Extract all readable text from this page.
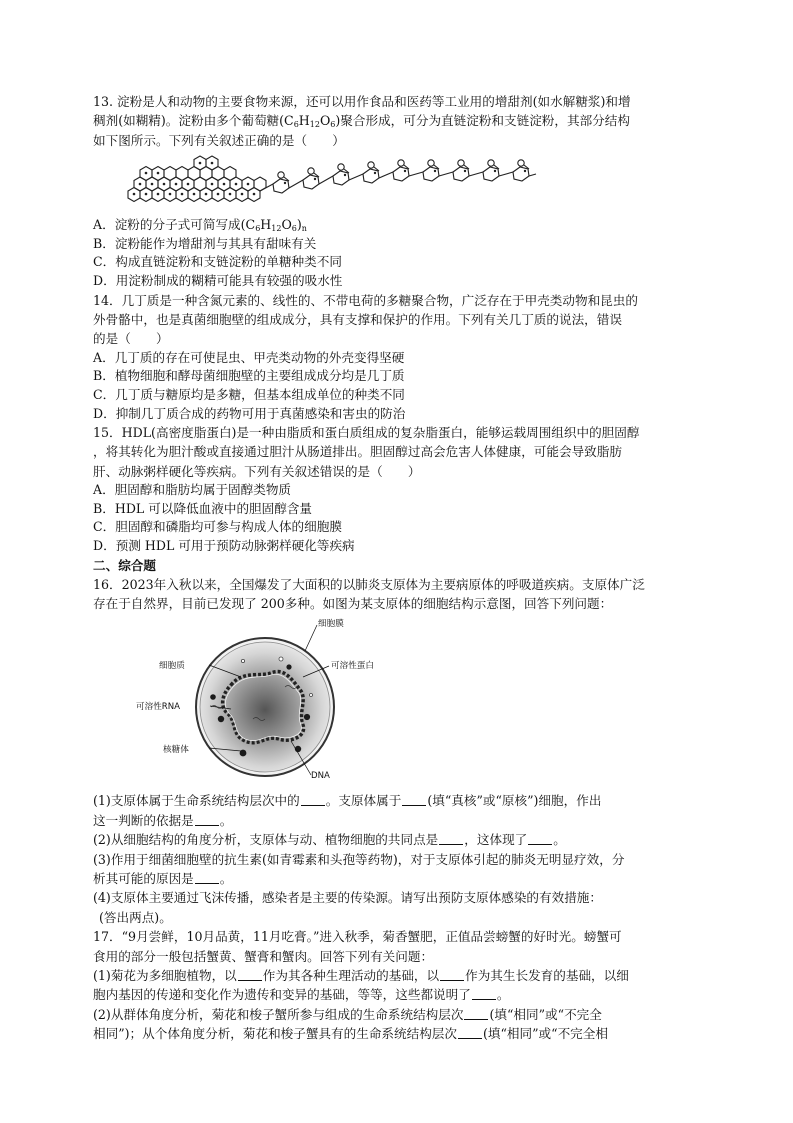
13. 淀粉是人和动物的主要食物来源，还可以用作食品和医药等工业用的增甜剂(如水解糖浆)和增
稠剂(如糊精)。淀粉由多个葡萄糖$(C_6H_{12}O_6)$聚合形成，可分为直链淀粉和支链淀粉，其部分结构
如下图所示。下列有关叙述正确的是（　　）
A．淀粉的分子式可简写成$(C_6H_{12}O_6)_n$
B．淀粉能作为增甜剂与其具有甜味有关
C．构成直链淀粉和支链淀粉的单糖种类不同
D．用淀粉制成的糊精可能具有较强的吸水性
14．几丁质是一种含氮元素的、线性的、不带电荷的多糖聚合物，广泛存在于甲壳类动物和昆虫的
外骨骼中，也是真菌细胞壁的组成成分，具有支撑和保护的作用。下列有关几丁质的说法，错误
的是（　　）
A．几丁质的存在可使昆虫、甲壳类动物的外壳变得坚硬
B．植物细胞和酵母菌细胞壁的主要组成成分均是几丁质
C．几丁质与糖原均是多糖，但基本组成单位的种类不同
D．抑制几丁质合成的药物可用于真菌感染和害虫的防治
15．HDL(高密度脂蛋白)是一种由脂质和蛋白质组成的复杂脂蛋白，能够运载周围组织中的胆固醇
，将其转化为胆汁酸或直接通过胆汁从肠道排出。胆固醇过高会危害人体健康，可能会导致脂肪
肝、动脉粥样硬化等疾病。下列有关叙述错误的是（　　）
A．胆固醇和脂肪均属于固醇类物质
B．HDL 可以降低血液中的胆固醇含量
C．胆固醇和磷脂均可参与构成人体的细胞膜
D．预测 HDL 可用于预防动脉粥样硬化等疾病
二、综合题
16．2023年入秋以来，全国爆发了大面积的以肺炎支原体为主要病原体的呼吸道疾病。支原体广泛
存在于自然界，目前已发现了 200多种。如图为某支原体的细胞结构示意图，回答下列问题：
细胞膜
细胞质	可溶性蛋白
可溶性RNA
核糖体
DNA
(1)支原体属于生命系统结构层次中的 。支原体属于 (填“真核”或“原核”)细胞，作出
这一判断的依据是 。
(2)从细胞结构的角度分析，支原体与动、植物细胞的共同点是 ，这体现了 。
(3)作用于细菌细胞壁的抗生素(如青霉素和头孢等药物)，对于支原体引起的肺炎无明显疗效，分
析其可能的原因是 。
(4)支原体主要通过飞沫传播，感染者是主要的传染源。请写出预防支原体感染的有效措施：
(答出两点)。
17．“9月尝鲜，10月品黄，11月吃膏。”进入秋季，菊香蟹肥，正值品尝螃蟹的好时光。螃蟹可
食用的部分一般包括蟹黄、蟹膏和蟹肉。回答下列有关问题：
(1)菊花为多细胞植物，以 作为其各种生理活动的基础，以 作为其生长发育的基础，以细
胞内基因的传递和变化作为遗传和变异的基础，等等，这些都说明了 。
(2)从群体角度分析，菊花和梭子蟹所参与组成的生命系统结构层次 (填“相同”或“不完全
相同”)；从个体角度分析，菊花和梭子蟹具有的生命系统结构层次 (填“相同”或“不完全相
